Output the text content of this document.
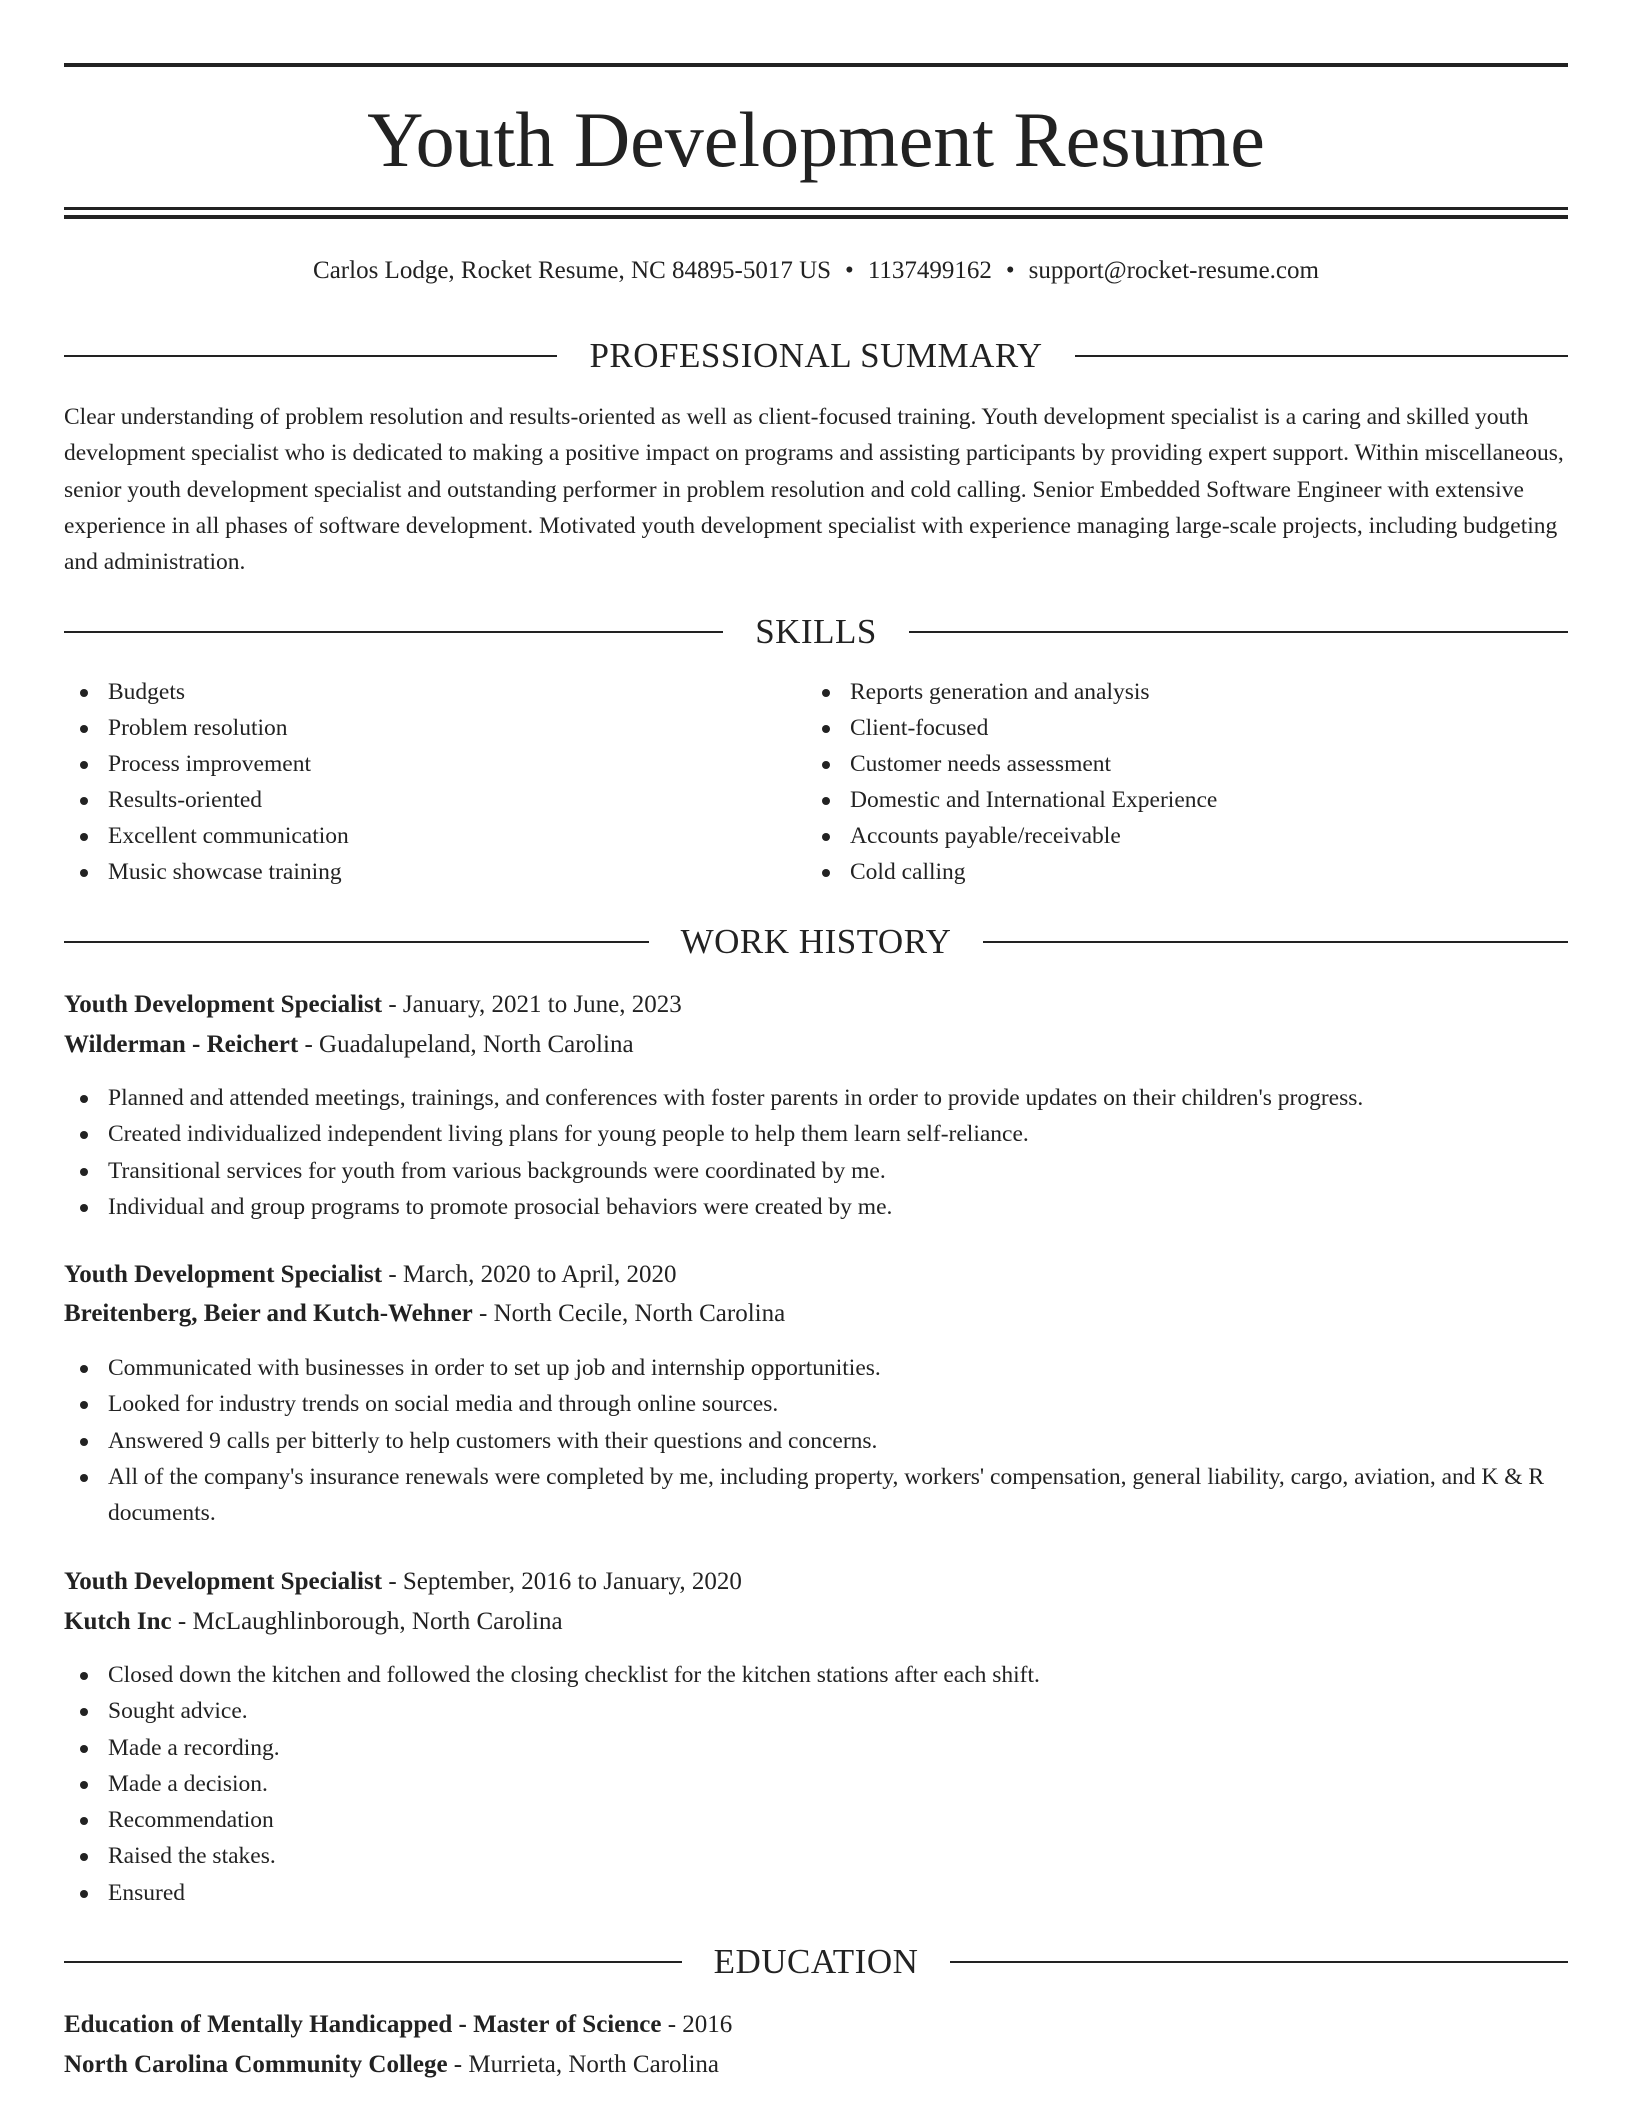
Youth Development Resume
Carlos Lodge, Rocket Resume, NC 84895-5017 US • 1137499162 • support@rocket-resume.com
PROFESSIONAL SUMMARY

Clear understanding of problem resolution and results-oriented as well as client-focused training. Youth development specialist is a caring and skilled youth development specialist who is dedicated to making a positive impact on programs and assisting participants by providing expert support. Within miscellaneous, senior youth development specialist and outstanding performer in problem resolution and cold calling. Senior Embedded Software Engineer with extensive experience in all phases of software development. Motivated youth development specialist with experience managing large-scale projects, including budgeting and administration.

SKILLS
Budgets
Problem resolution
Process improvement
Results-oriented
Excellent communication
Music showcase training
Reports generation and analysis
Client-focused
Customer needs assessment
Domestic and International Experience
Accounts payable/receivable
Cold calling
WORK HISTORY

Youth Development Specialist - January, 2021 to June, 2023

Wilderman - Reichert - Guadalupeland, North Carolina

Planned and attended meetings, trainings, and conferences with foster parents in order to provide updates on their children's progress.
Created individualized independent living plans for young people to help them learn self-reliance.
Transitional services for youth from various backgrounds were coordinated by me.
Individual and group programs to promote prosocial behaviors were created by me.

Youth Development Specialist - March, 2020 to April, 2020

Breitenberg, Beier and Kutch-Wehner - North Cecile, North Carolina

Communicated with businesses in order to set up job and internship opportunities.
Looked for industry trends on social media and through online sources.
Answered 9 calls per bitterly to help customers with their questions and concerns.
All of the company's insurance renewals were completed by me, including property, workers' compensation, general liability, cargo, aviation, and K & R documents.

Youth Development Specialist - September, 2016 to January, 2020

Kutch Inc - McLaughlinborough, North Carolina

Closed down the kitchen and followed the closing checklist for the kitchen stations after each shift.
Sought advice.
Made a recording.
Made a decision.
Recommendation
Raised the stakes.
Ensured
EDUCATION

Education of Mentally Handicapped - Master of Science - 2016

North Carolina Community College - Murrieta, North Carolina
